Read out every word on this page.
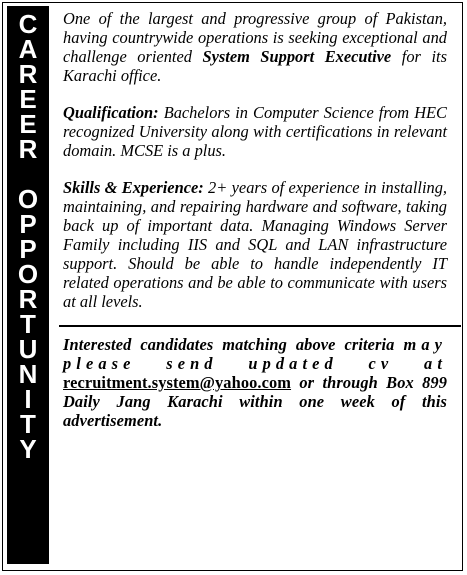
C
A
R
E
E
R
O
P
P
O
R
T
U
N
I
T
Y

One of the largest and progressive group of Pakistan, having countrywide operations is seeking exceptional and challenge oriented System Support Executive for its Karachi office.

Qualification: Bachelors in Computer Science from HEC recognized University along with certifications in relevant domain. MCSE is a plus.

Skills & Experience: 2+ years of experience in installing, maintaining, and repairing hardware and software, taking back up of important data. Managing Windows Server Family including IIS and SQL and LAN infrastructure support. Should be able to handle independently IT related operations and be able to communicate with users at all levels.

Interested candidates matching above criteria may please send updated cv at recruitment.system@yahoo.com or through Box 899 Daily Jang Karachi within one week of this advertisement.
